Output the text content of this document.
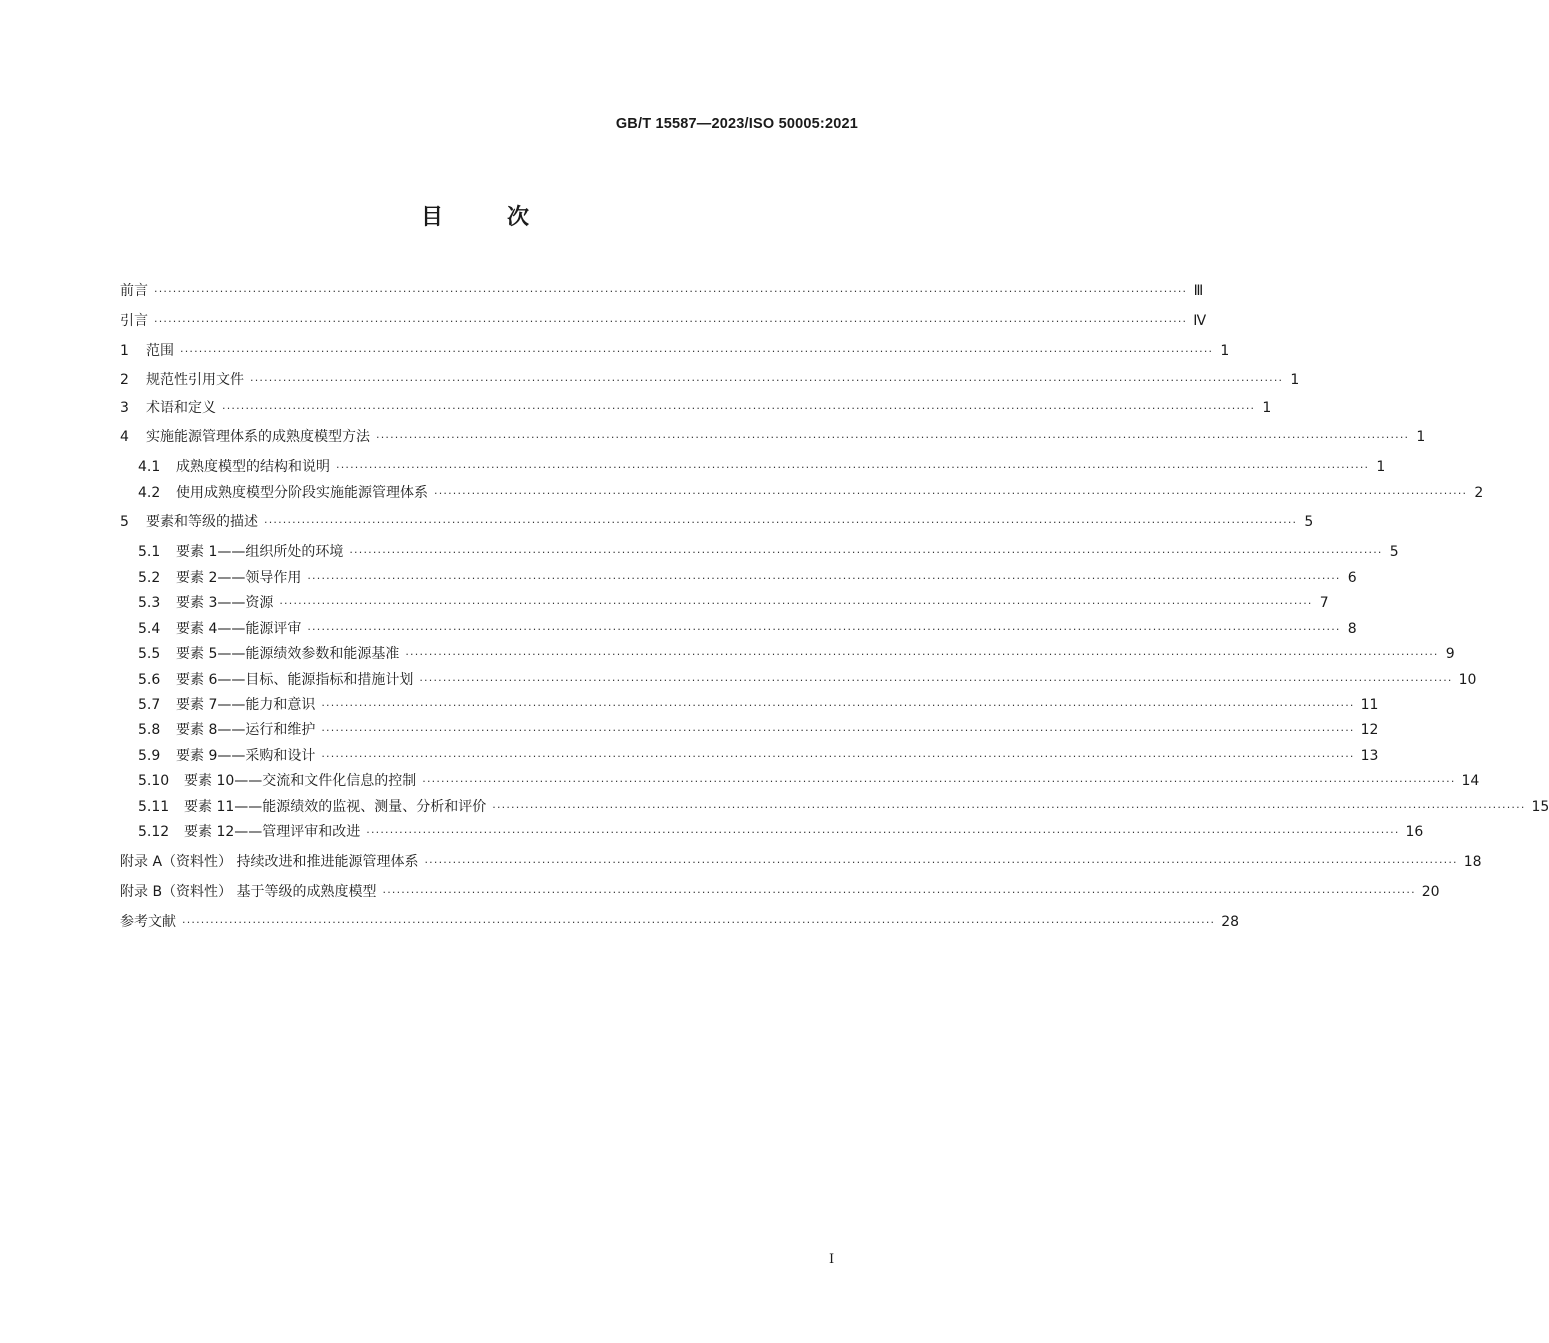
GB/T 15587—2023/ISO 50005:2021
目	次
前言 ···························································································································································································································· Ⅲ
引言 ···························································································································································································································· Ⅳ
1	范围 ···························································································································································································································· 1
2	规范性引用文件 ···························································································································································································································· 1
3	术语和定义 ···························································································································································································································· 1
4	实施能源管理体系的成熟度模型方法 ···························································································································································································································· 1
4.1	成熟度模型的结构和说明 ···························································································································································································································· 1
4.2	使用成熟度模型分阶段实施能源管理体系 ···························································································································································································································· 2
5	要素和等级的描述 ···························································································································································································································· 5
5.1	要素 1——组织所处的环境 ···························································································································································································································· 5
5.2	要素 2——领导作用 ···························································································································································································································· 6
5.3	要素 3——资源 ···························································································································································································································· 7
5.4	要素 4——能源评审 ···························································································································································································································· 8
5.5	要素 5——能源绩效参数和能源基准 ···························································································································································································································· 9
5.6	要素 6——目标、能源指标和措施计划 ···························································································································································································································· 10
5.7	要素 7——能力和意识 ···························································································································································································································· 11
5.8	要素 8——运行和维护 ···························································································································································································································· 12
5.9	要素 9——采购和设计 ···························································································································································································································· 13
5.10	要素 10——交流和文件化信息的控制 ···························································································································································································································· 14
5.11	要素 11——能源绩效的监视、测量、分析和评价 ···························································································································································································································· 15
5.12	要素 12——管理评审和改进 ···························································································································································································································· 16
附录 A（资料性） 持续改进和推进能源管理体系 ···························································································································································································································· 18
附录 B（资料性） 基于等级的成熟度模型 ···························································································································································································································· 20
参考文献 ···························································································································································································································· 28
I
